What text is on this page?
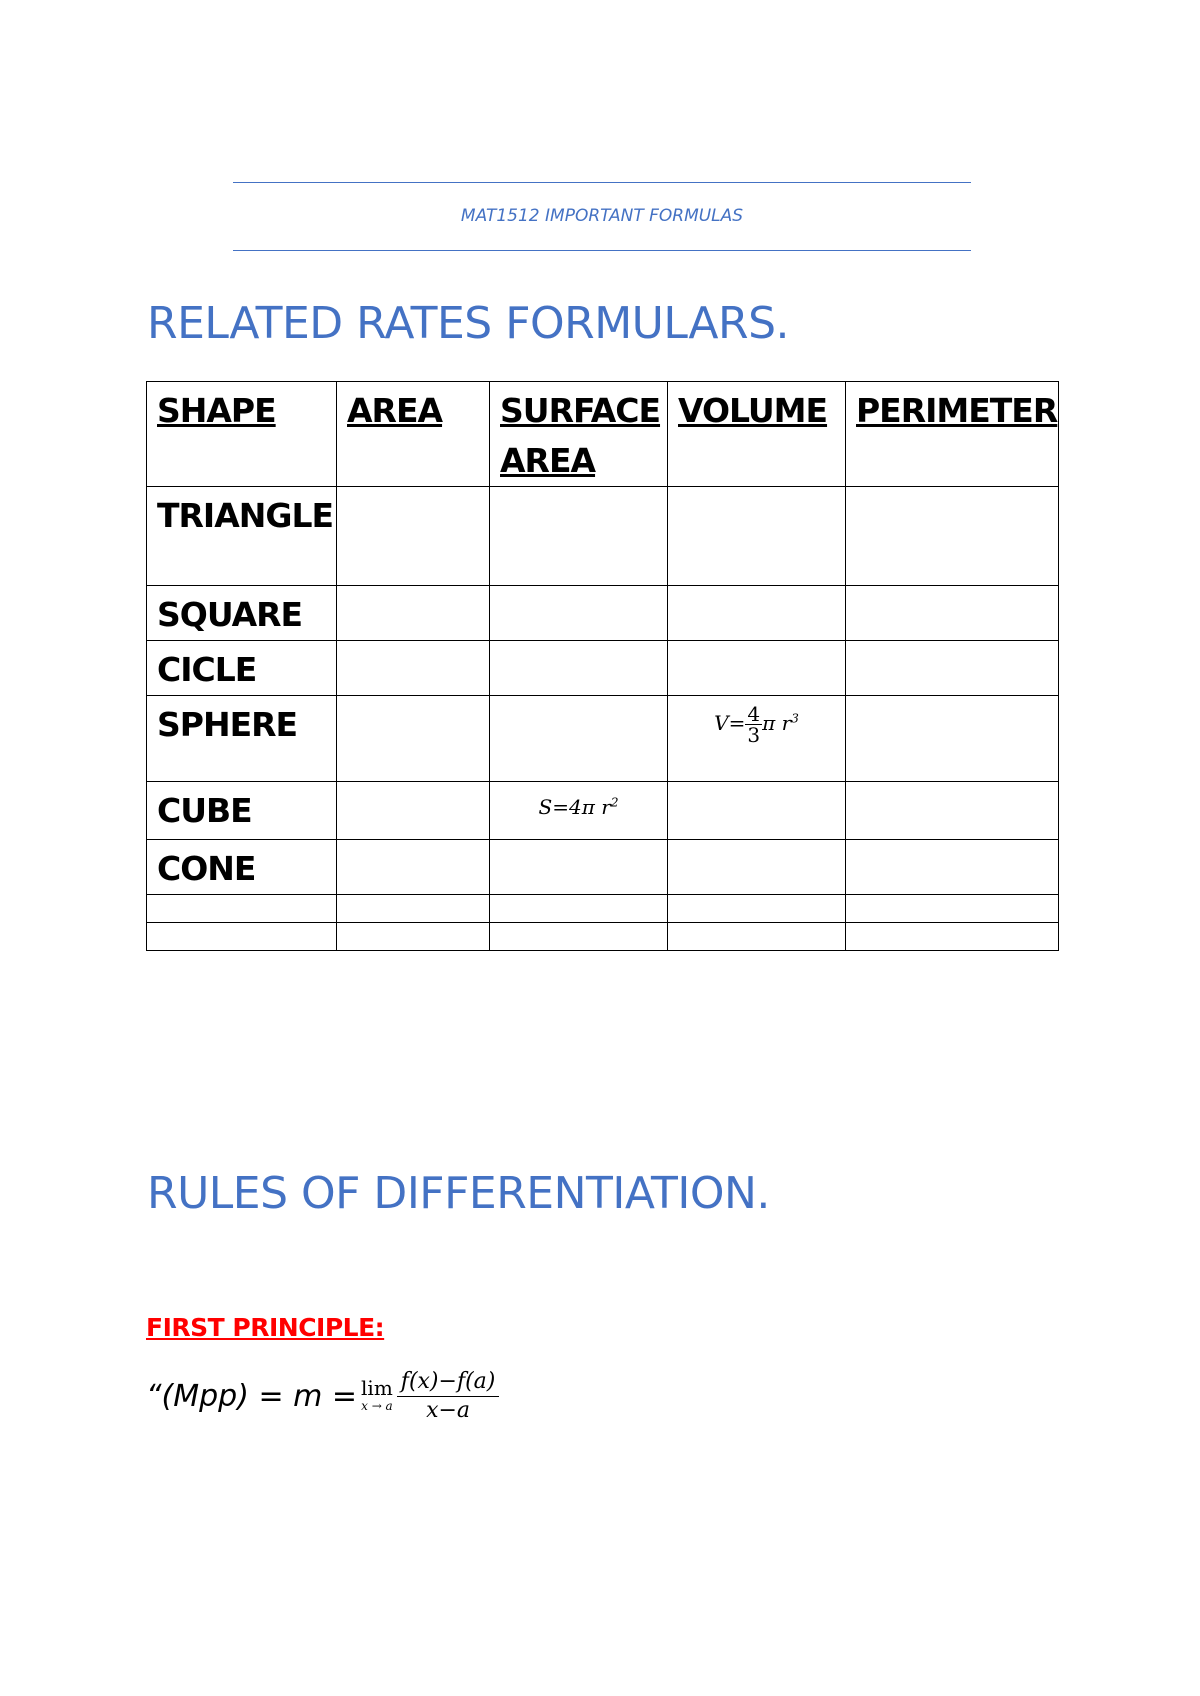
MAT1512 IMPORTANT FORMULAS
RELATED RATES FORMULARS.
SHAPE	AREA	SURFACE AREA	VOLUME	PERIMETER
TRIANGLE				
SQUARE				
CICLE				
SPHERE			$V= \frac{4}{3}$ π $r^3$	
CUBE		S=4π $r^2$		
CONE				

RULES OF DIFFERENTIATION.
FIRST PRINCIPLE:
“(Mpp) = m = lim
x → a $\frac{f(x)-f(a)}{x-a}$
